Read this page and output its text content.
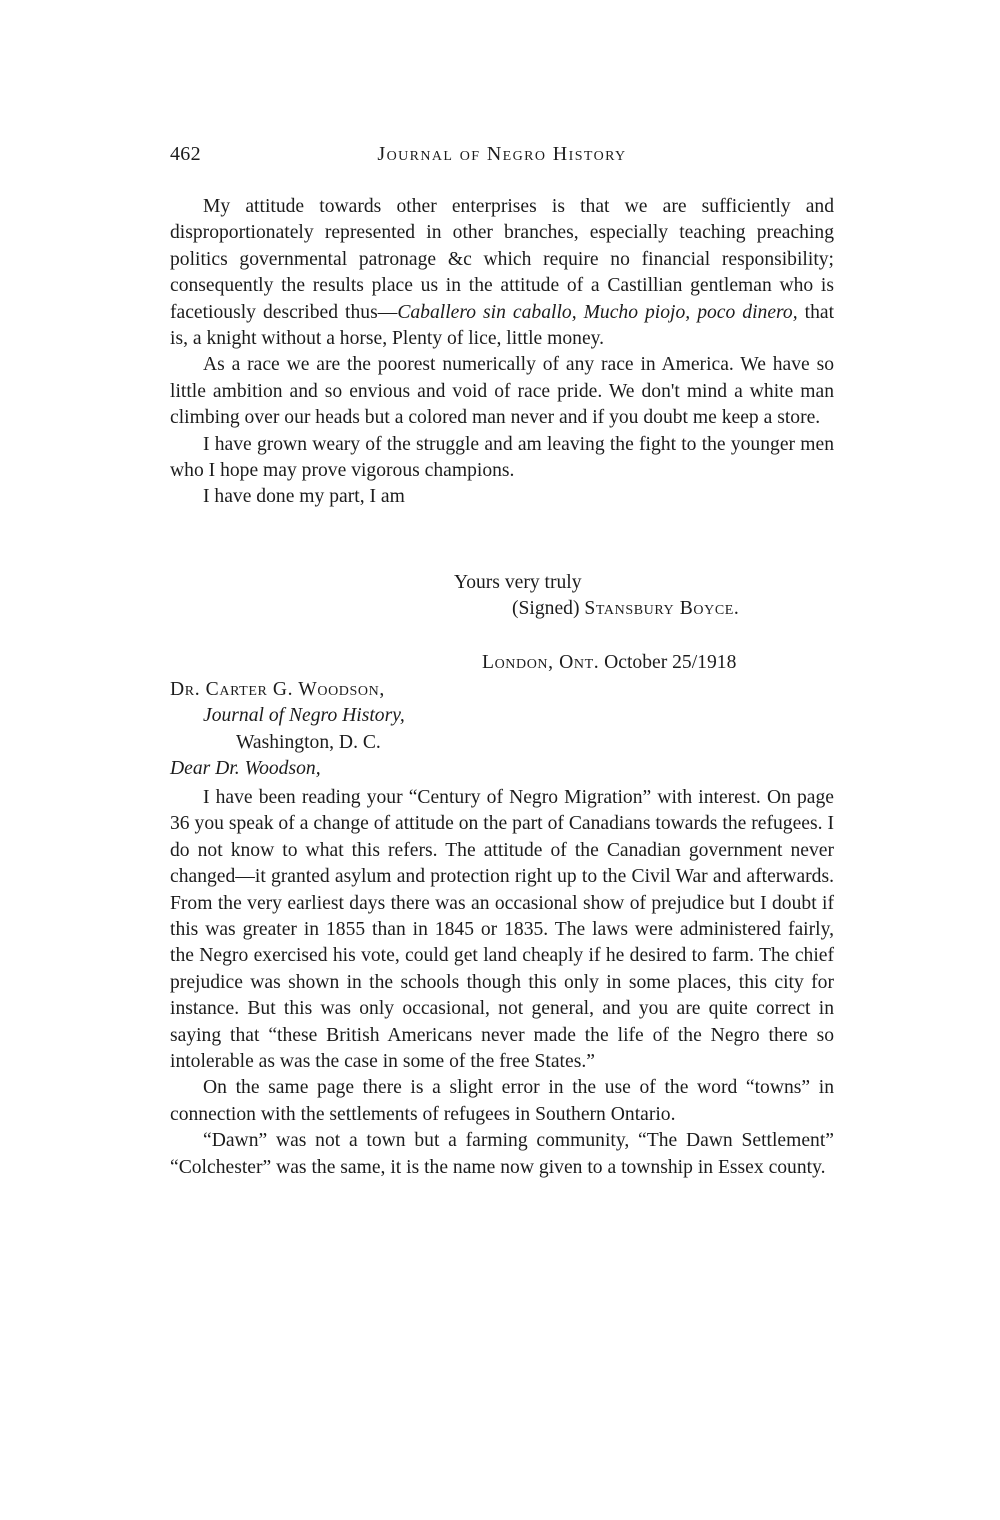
462	Journal of Negro History

My attitude towards other enterprises is that we are sufficiently and disproportionately represented in other branches, especially teaching preaching politics governmental patronage &c which require no financial responsibility; consequently the results place us in the attitude of a Castillian gentleman who is facetiously described thus—Caballero sin caballo, Mucho piojo, poco dinero, that is, a knight without a horse, Plenty of lice, little money.

As a race we are the poorest numerically of any race in America. We have so little ambition and so envious and void of race pride. We don't mind a white man climbing over our heads but a colored man never and if you doubt me keep a store.

I have grown weary of the struggle and am leaving the fight to the younger men who I hope may prove vigorous champions.

I have done my part, I am

Yours very truly
(Signed) Stansbury Boyce.
London, Ont. October 25/1918
Dr. Carter G. Woodson,
Journal of Negro History,
Washington, D. C.
Dear Dr. Woodson,

I have been reading your “Century of Negro Migration” with interest. On page 36 you speak of a change of attitude on the part of Canadians towards the refugees. I do not know to what this refers. The attitude of the Canadian government never changed—it granted asylum and protection right up to the Civil War and afterwards. From the very earliest days there was an occasional show of prejudice but I doubt if this was greater in 1855 than in 1845 or 1835. The laws were administered fairly, the Negro exercised his vote, could get land cheaply if he desired to farm. The chief prejudice was shown in the schools though this only in some places, this city for instance. But this was only occasional, not general, and you are quite correct in saying that “these British Americans never made the life of the Negro there so intolerable as was the case in some of the free States.”

On the same page there is a slight error in the use of the word “towns” in connection with the settlements of refugees in Southern Ontario.

“Dawn” was not a town but a farming community, “The Dawn Settlement” “Colchester” was the same, it is the name now given to a township in Essex county.
